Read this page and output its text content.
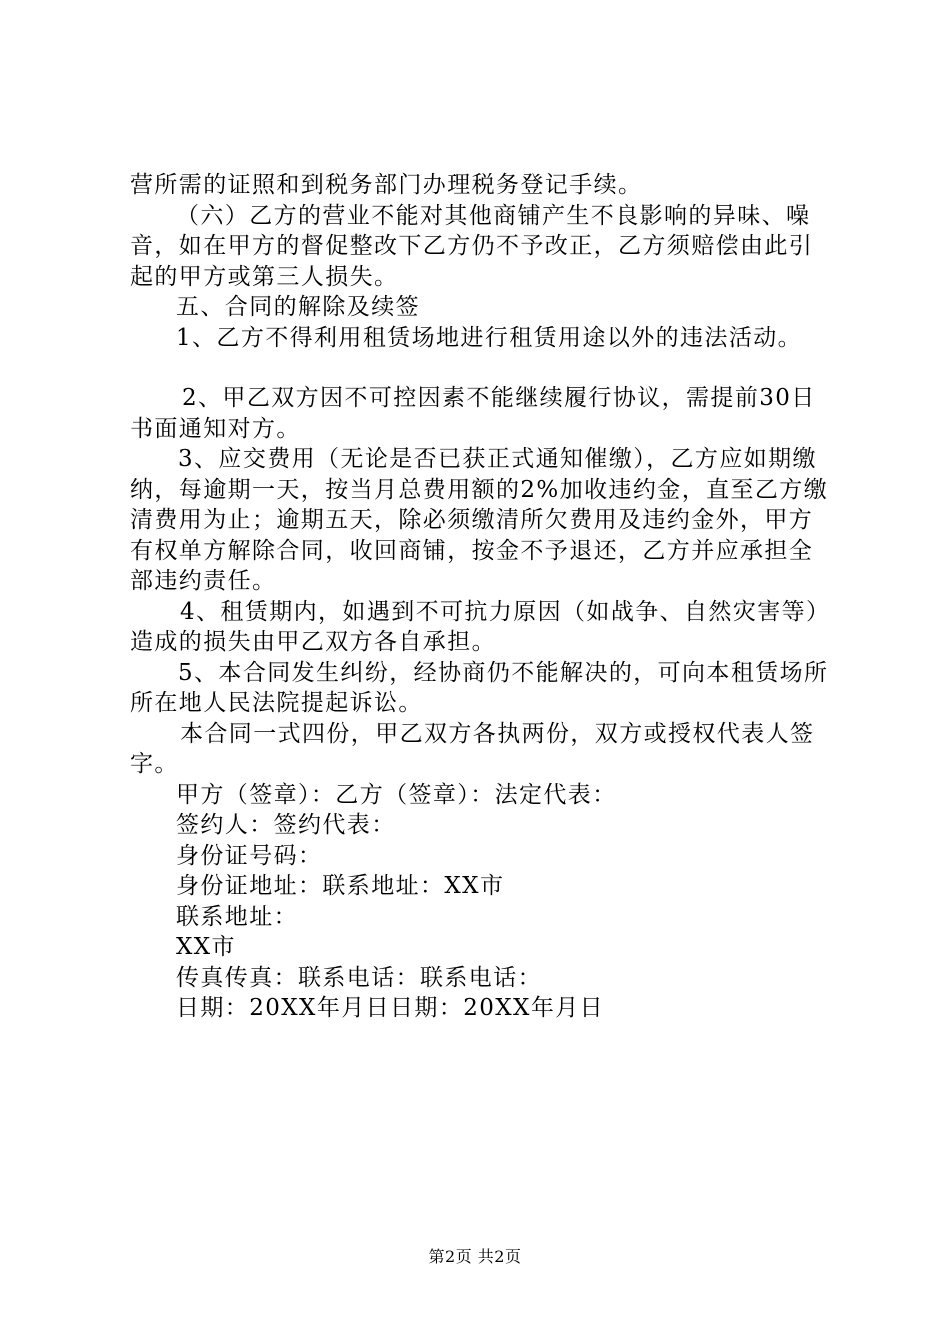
营所需的证照和到税务部门办理税务登记手续。

（六）乙方的营业不能对其他商铺产生不良影响的异味、噪音，如在甲方的督促整改下乙方仍不予改正，乙方须赔偿由此引起的甲方或第三人损失。

五、合同的解除及续签

1、乙方不得利用租赁场地进行租赁用途以外的违法活动。

2、甲乙双方因不可控因素不能继续履行协议，需提前30日书面通知对方。

3、应交费用（无论是否已获正式通知催缴），乙方应如期缴纳，每逾期一天，按当月总费用额的2%加收违约金，直至乙方缴清费用为止；逾期五天，除必须缴清所欠费用及违约金外，甲方有权单方解除合同，收回商铺，按金不予退还，乙方并应承担全部违约责任。

4、租赁期内，如遇到不可抗力原因（如战争、自然灾害等）造成的损失由甲乙双方各自承担。

5、本合同发生纠纷，经协商仍不能解决的，可向本租赁场所所在地人民法院提起诉讼。

本合同一式四份，甲乙双方各执两份，双方或授权代表人签字。

甲方（签章）：乙方（签章）：法定代表：

签约人：签约代表：

身份证号码：

身份证地址：联系地址：XX市

联系地址：

XX市

传真传真：联系电话：联系电话：

日期：20XX年月日日期：20XX年月日

第2页 共2页
